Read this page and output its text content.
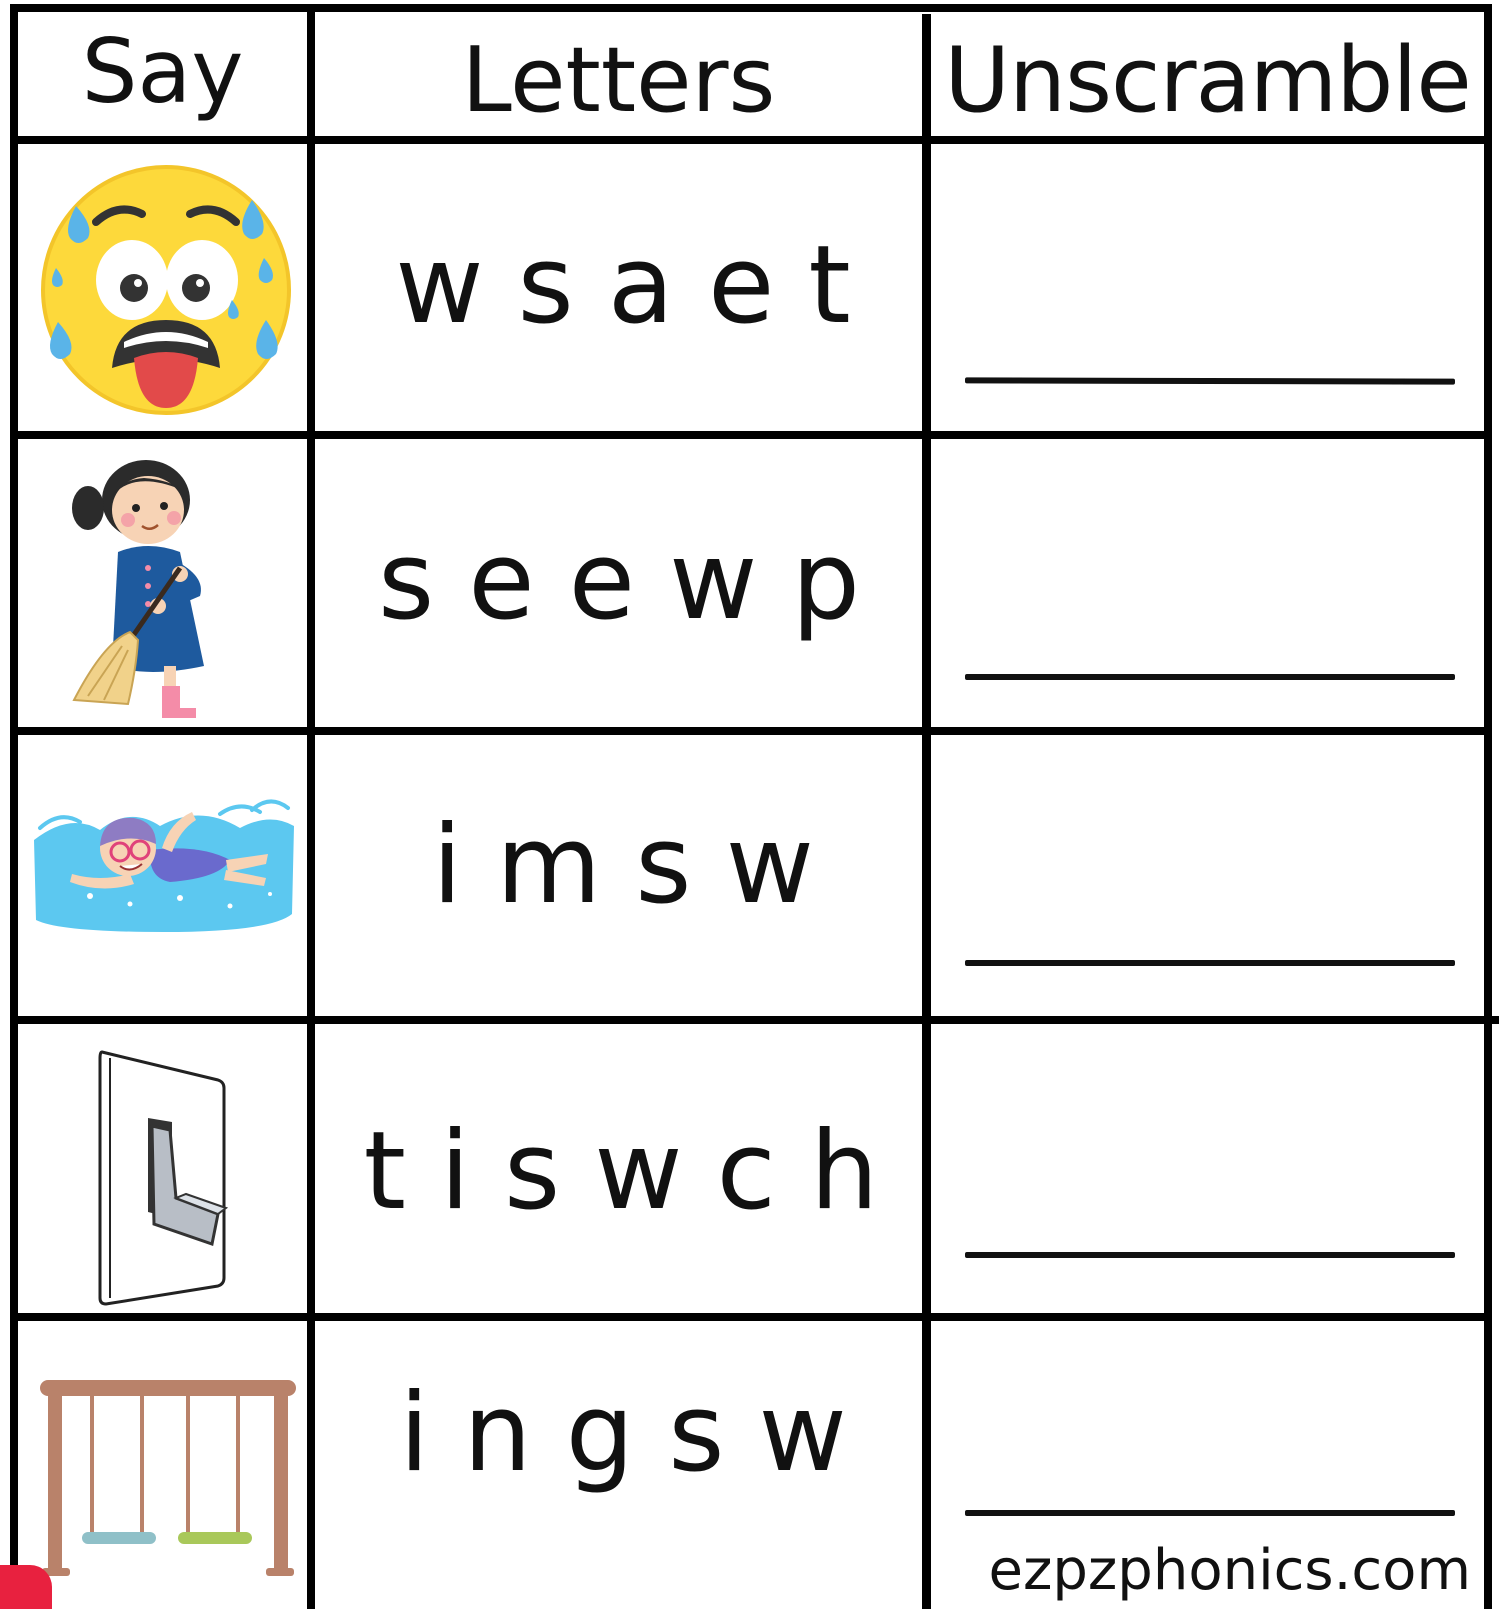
Say	Letters	Unscramble
wsaet
seewp
imsw
tiswch
ingsw
ezpzphonics.com
